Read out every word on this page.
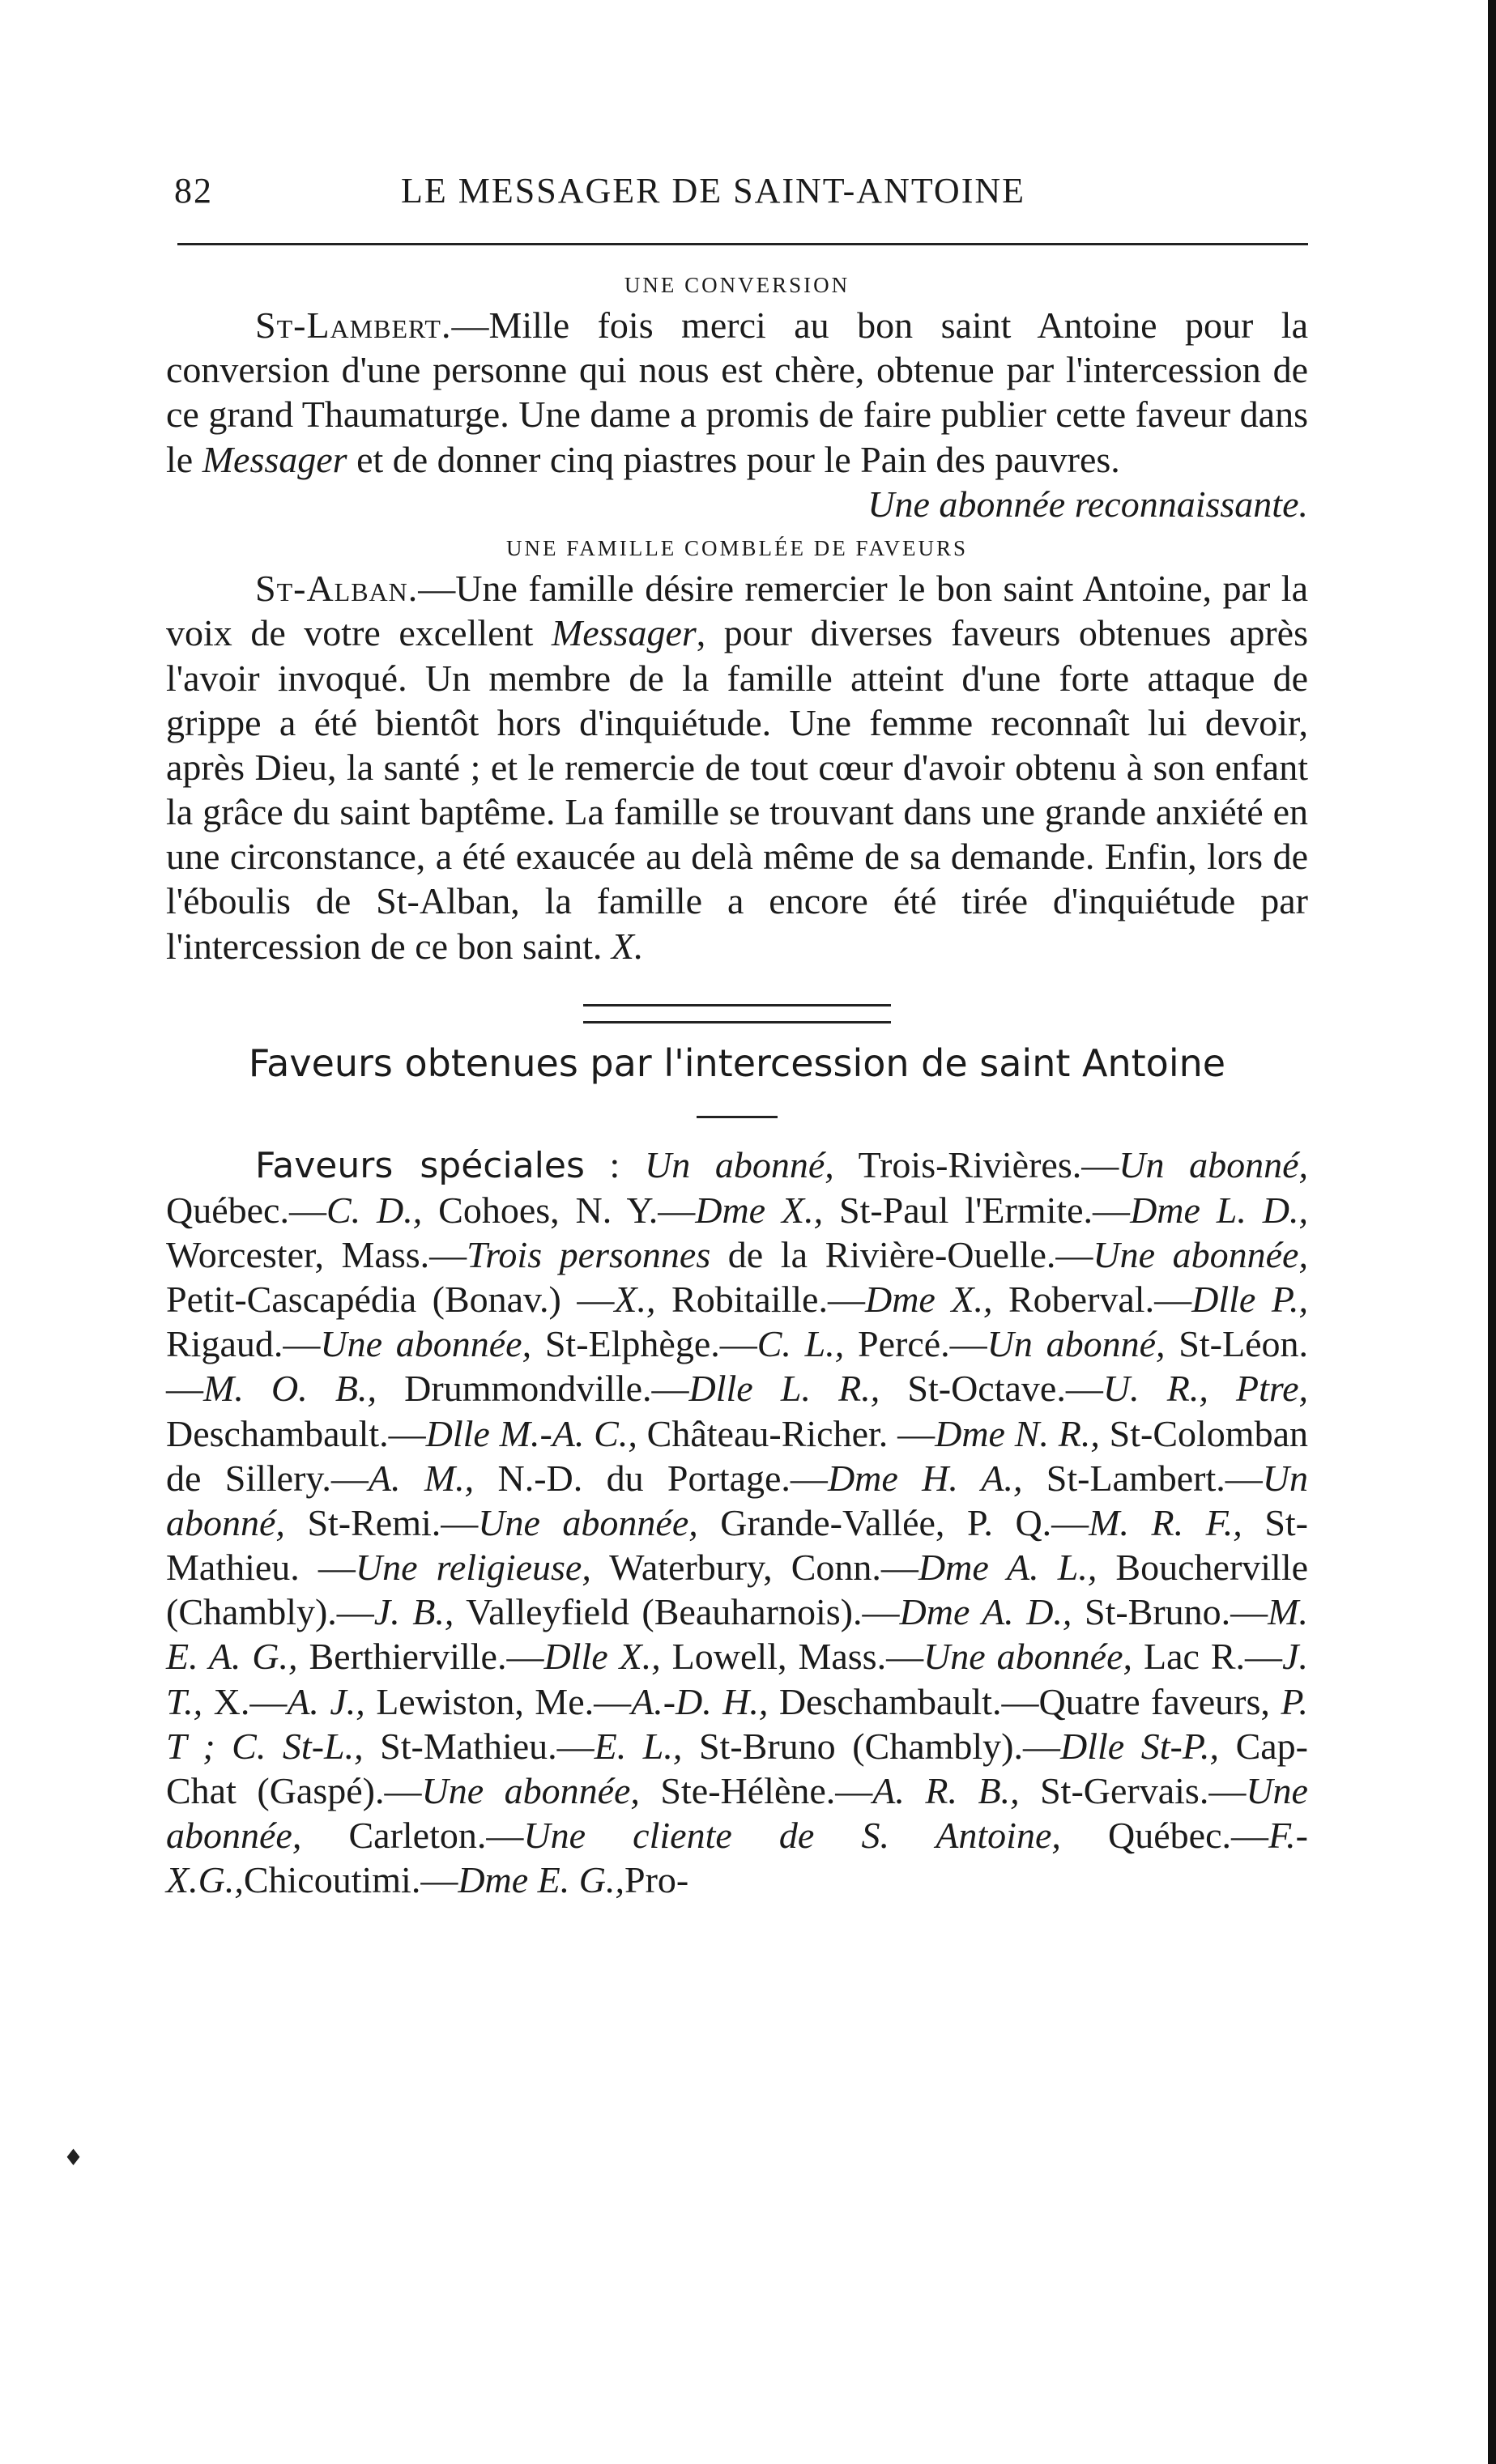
82	LE MESSAGER DE SAINT-ANTOINE

UNE CONVERSION

St-Lambert.—Mille fois merci au bon saint Antoine pour la conversion d'une personne qui nous est chère, obtenue par l'intercession de ce grand Thaumaturge. Une dame a promis de faire publier cette faveur dans le Messager et de donner cinq piastres pour le Pain des pauvres.

Une abonnée reconnaissante.

UNE FAMILLE COMBLÉE DE FAVEURS

St-Alban.—Une famille désire remercier le bon saint Antoine, par la voix de votre excellent Messager, pour diverses faveurs obtenues après l'avoir invoqué. Un membre de la famille atteint d'une forte attaque de grippe a été bientôt hors d'inquiétude. Une femme reconnaît lui devoir, après Dieu, la santé ; et le remercie de tout cœur d'avoir obtenu à son enfant la grâce du saint baptême. La famille se trouvant dans une grande anxiété en une circonstance, a été exaucée au delà même de sa demande. Enfin, lors de l'éboulis de St-Alban, la famille a encore été tirée d'inquiétude par l'intercession de ce bon saint. X.

Faveurs obtenues par l'intercession de saint Antoine

Faveurs spéciales : Un abonné, Trois-Rivières.—Un abonné, Québec.—C. D., Cohoes, N. Y.—Dme X., St-Paul l'Ermite.—Dme L. D., Worcester, Mass.—Trois personnes de la Rivière-Ouelle.—Une abonnée, Petit-Cascapédia (Bonav.) —X., Robitaille.—Dme X., Roberval.—Dlle P., Rigaud.—Une abonnée, St-Elphège.—C. L., Percé.—Un abonné, St-Léon.—M. O. B., Drummondville.—Dlle L. R., St-Octave.—U. R., Ptre, Deschambault.—Dlle M.-A. C., Château-Richer. —Dme N. R., St-Colomban de Sillery.—A. M., N.-D. du Portage.—Dme H. A., St-Lambert.—Un abonné, St-Remi.—Une abonnée, Grande-Vallée, P. Q.—M. R. F., St-Mathieu. —Une religieuse, Waterbury, Conn.—Dme A. L., Boucherville (Chambly).—J. B., Valleyfield (Beauharnois).—Dme A. D., St-Bruno.—M. E. A. G., Berthierville.—Dlle X., Lowell, Mass.—Une abonnée, Lac R.—J. T., X.—A. J., Lewiston, Me.—A.-D. H., Deschambault.—Quatre faveurs, P. T ; C. St-L., St-Mathieu.—E. L., St-Bruno (Chambly).—Dlle St-P., Cap-Chat (Gaspé).—Une abonnée, Ste-Hélène.—A. R. B., St-Gervais.—Une abonnée, Carleton.—Une cliente de S. Antoine, Québec.—F.-X.G.,Chicoutimi.—Dme E. G.,Pro-

♦
